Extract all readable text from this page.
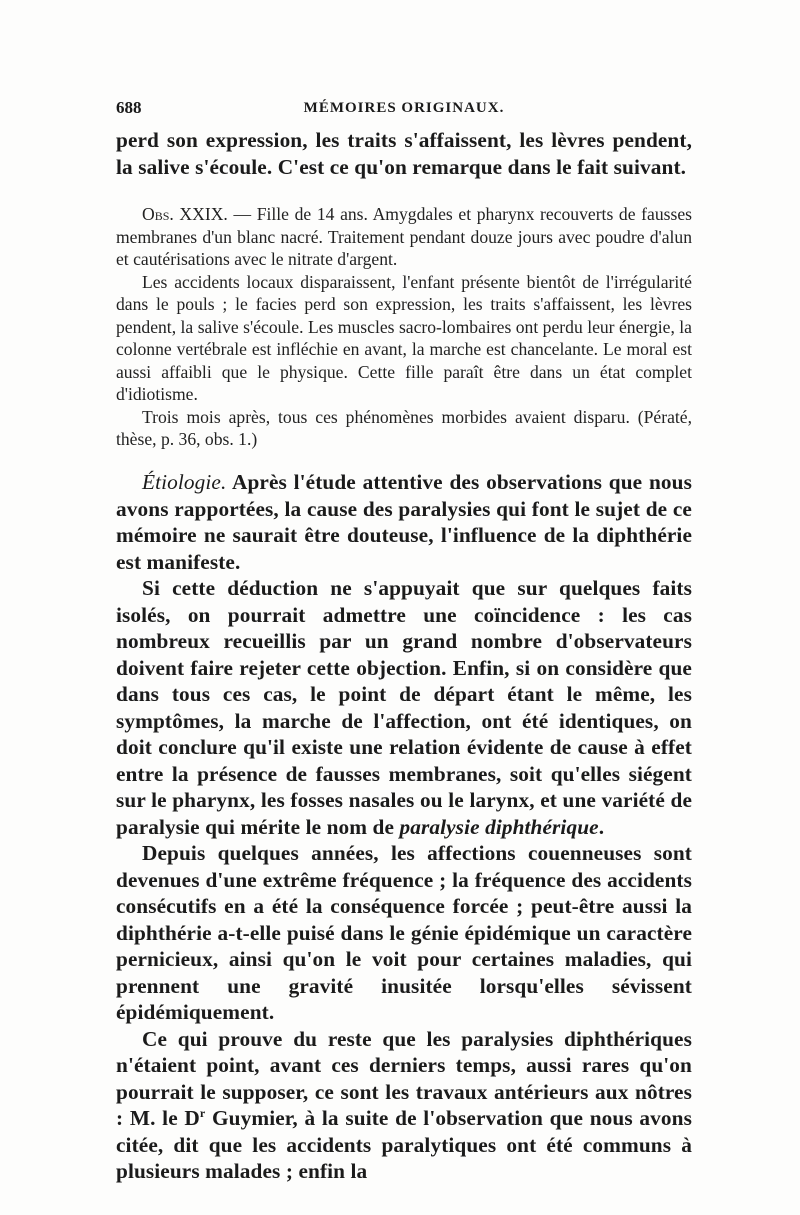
688	MÉMOIRES ORIGINAUX.

perd son expression, les traits s'affaissent, les lèvres pendent, la salive s'écoule. C'est ce qu'on remarque dans le fait suivant.

Obs. XXIX. — Fille de 14 ans. Amygdales et pharynx recouverts de fausses membranes d'un blanc nacré. Traitement pendant douze jours avec poudre d'alun et cautérisations avec le nitrate d'argent.

Les accidents locaux disparaissent, l'enfant présente bientôt de l'irrégularité dans le pouls ; le facies perd son expression, les traits s'affaissent, les lèvres pendent, la salive s'écoule. Les muscles sacro-lombaires ont perdu leur énergie, la colonne vertébrale est infléchie en avant, la marche est chancelante. Le moral est aussi affaibli que le physique. Cette fille paraît être dans un état complet d'idiotisme.

Trois mois après, tous ces phénomènes morbides avaient disparu. (Pératé, thèse, p. 36, obs. 1.)

Étiologie. Après l'étude attentive des observations que nous avons rapportées, la cause des paralysies qui font le sujet de ce mémoire ne saurait être douteuse, l'influence de la diphthérie est manifeste.

Si cette déduction ne s'appuyait que sur quelques faits isolés, on pourrait admettre une coïncidence : les cas nombreux recueillis par un grand nombre d'observateurs doivent faire rejeter cette objection. Enfin, si on considère que dans tous ces cas, le point de départ étant le même, les symptômes, la marche de l'affection, ont été identiques, on doit conclure qu'il existe une relation évidente de cause à effet entre la présence de fausses membranes, soit qu'elles siégent sur le pharynx, les fosses nasales ou le larynx, et une variété de paralysie qui mérite le nom de paralysie diphthérique.

Depuis quelques années, les affections couenneuses sont devenues d'une extrême fréquence ; la fréquence des accidents consécutifs en a été la conséquence forcée ; peut-être aussi la diphthérie a-t-elle puisé dans le génie épidémique un caractère pernicieux, ainsi qu'on le voit pour certaines maladies, qui prennent une gravité inusitée lorsqu'elles sévissent épidémiquement.

Ce qui prouve du reste que les paralysies diphthériques n'étaient point, avant ces derniers temps, aussi rares qu'on pourrait le supposer, ce sont les travaux antérieurs aux nôtres : M. le $D^r$ Guymier, à la suite de l'observation que nous avons citée, dit que les accidents paralytiques ont été communs à plusieurs malades ; enfin la
